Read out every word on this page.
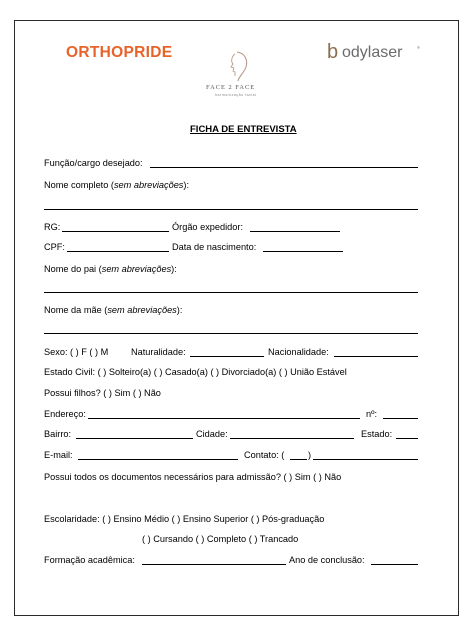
ORTHOPRIDE
FACE 2 FACE
harmonização facial
b odylaser	®
FICHA DE ENTREVISTA
Função/cargo desejado:
Nome completo (sem abreviações):
RG:	Órgão expedidor:
CPF:	Data de nascimento:
Nome do pai (sem abreviações):
Nome da mãe (sem abreviações):
Sexo: ( ) F ( ) M Naturalidade:	Nacionalidade:
Estado Civil: ( ) Solteiro(a) ( ) Casado(a) ( ) Divorciado(a) ( ) União Estável
Possui filhos? ( ) Sim ( ) Não
Endereço:	nº:
Bairro:	Cidade:	Estado:
E-mail:	Contato: (	)
Possui todos os documentos necessários para admissão? ( ) Sim ( ) Não
Escolaridade: ( ) Ensino Médio ( ) Ensino Superior ( ) Pós-graduação
( ) Cursando ( ) Completo ( ) Trancado
Formação acadêmica:	Ano de conclusão:
